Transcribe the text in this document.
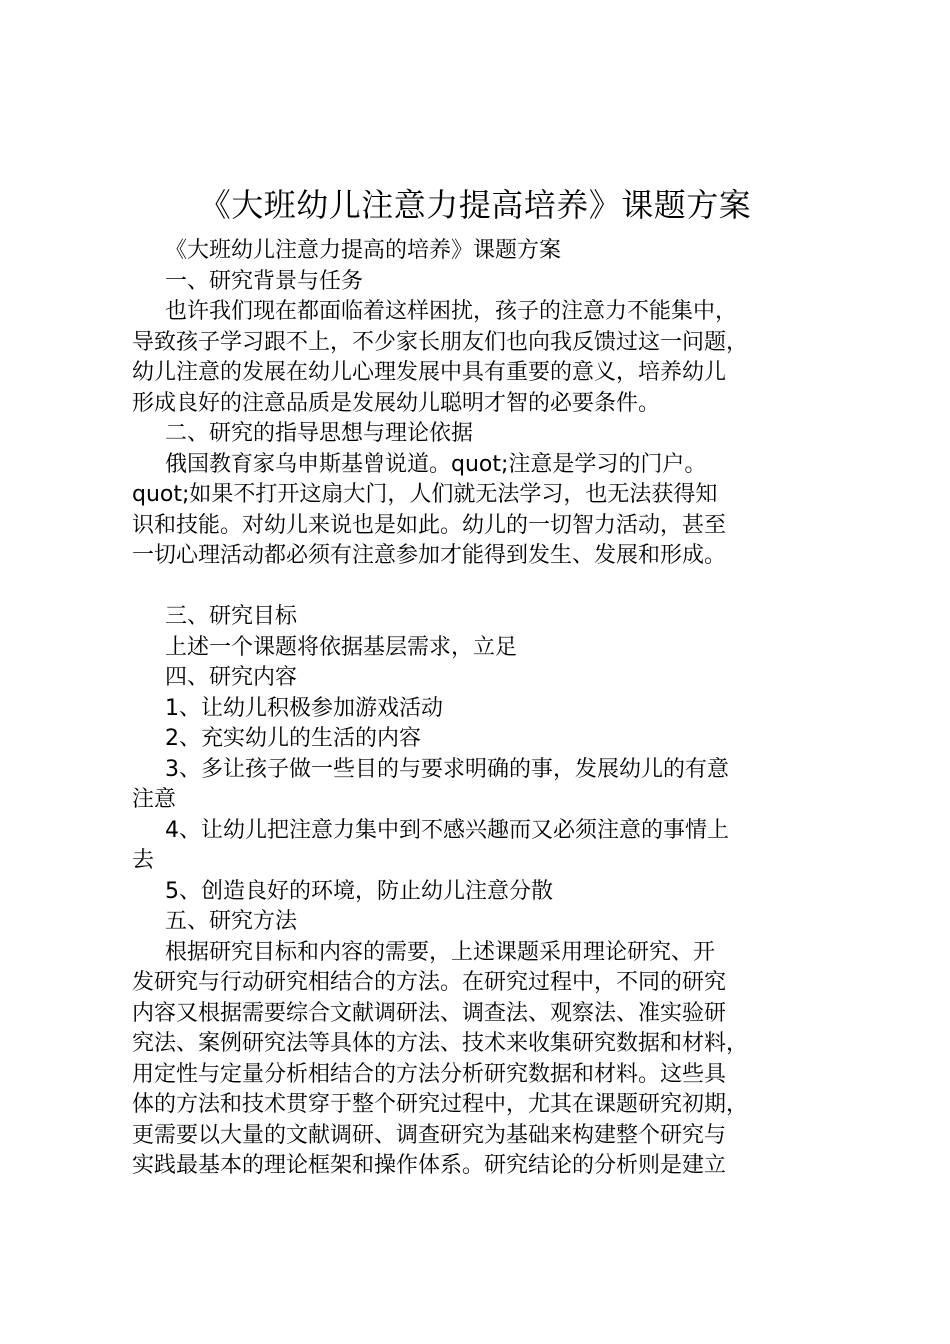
《大班幼儿注意力提高培养》课题方案

《大班幼儿注意力提高的培养》课题方案

一、研究背景与任务

也许我们现在都面临着这样困扰，孩子的注意力不能集中，

导致孩子学习跟不上，不少家长朋友们也向我反馈过这一问题，

幼儿注意的发展在幼儿心理发展中具有重要的意义，培养幼儿

形成良好的注意品质是发展幼儿聪明才智的必要条件。

二、研究的指导思想与理论依据

俄国教育家乌申斯基曾说道。quot;注意是学习的门户。

quot;如果不打开这扇大门，人们就无法学习，也无法获得知

识和技能。对幼儿来说也是如此。幼儿的一切智力活动，甚至

一切心理活动都必须有注意参加才能得到发生、发展和形成。

三、研究目标

上述一个课题将依据基层需求，立足

四、研究内容

1、让幼儿积极参加游戏活动

2、充实幼儿的生活的内容

3、多让孩子做一些目的与要求明确的事，发展幼儿的有意

注意

4、让幼儿把注意力集中到不感兴趣而又必须注意的事情上

去

5、创造良好的环境，防止幼儿注意分散

五、研究方法

根据研究目标和内容的需要，上述课题采用理论研究、开

发研究与行动研究相结合的方法。在研究过程中，不同的研究

内容又根据需要综合文献调研法、调查法、观察法、准实验研

究法、案例研究法等具体的方法、技术来收集研究数据和材料，

用定性与定量分析相结合的方法分析研究数据和材料。这些具

体的方法和技术贯穿于整个研究过程中，尤其在课题研究初期，

更需要以大量的文献调研、调查研究为基础来构建整个研究与

实践最基本的理论框架和操作体系。研究结论的分析则是建立
